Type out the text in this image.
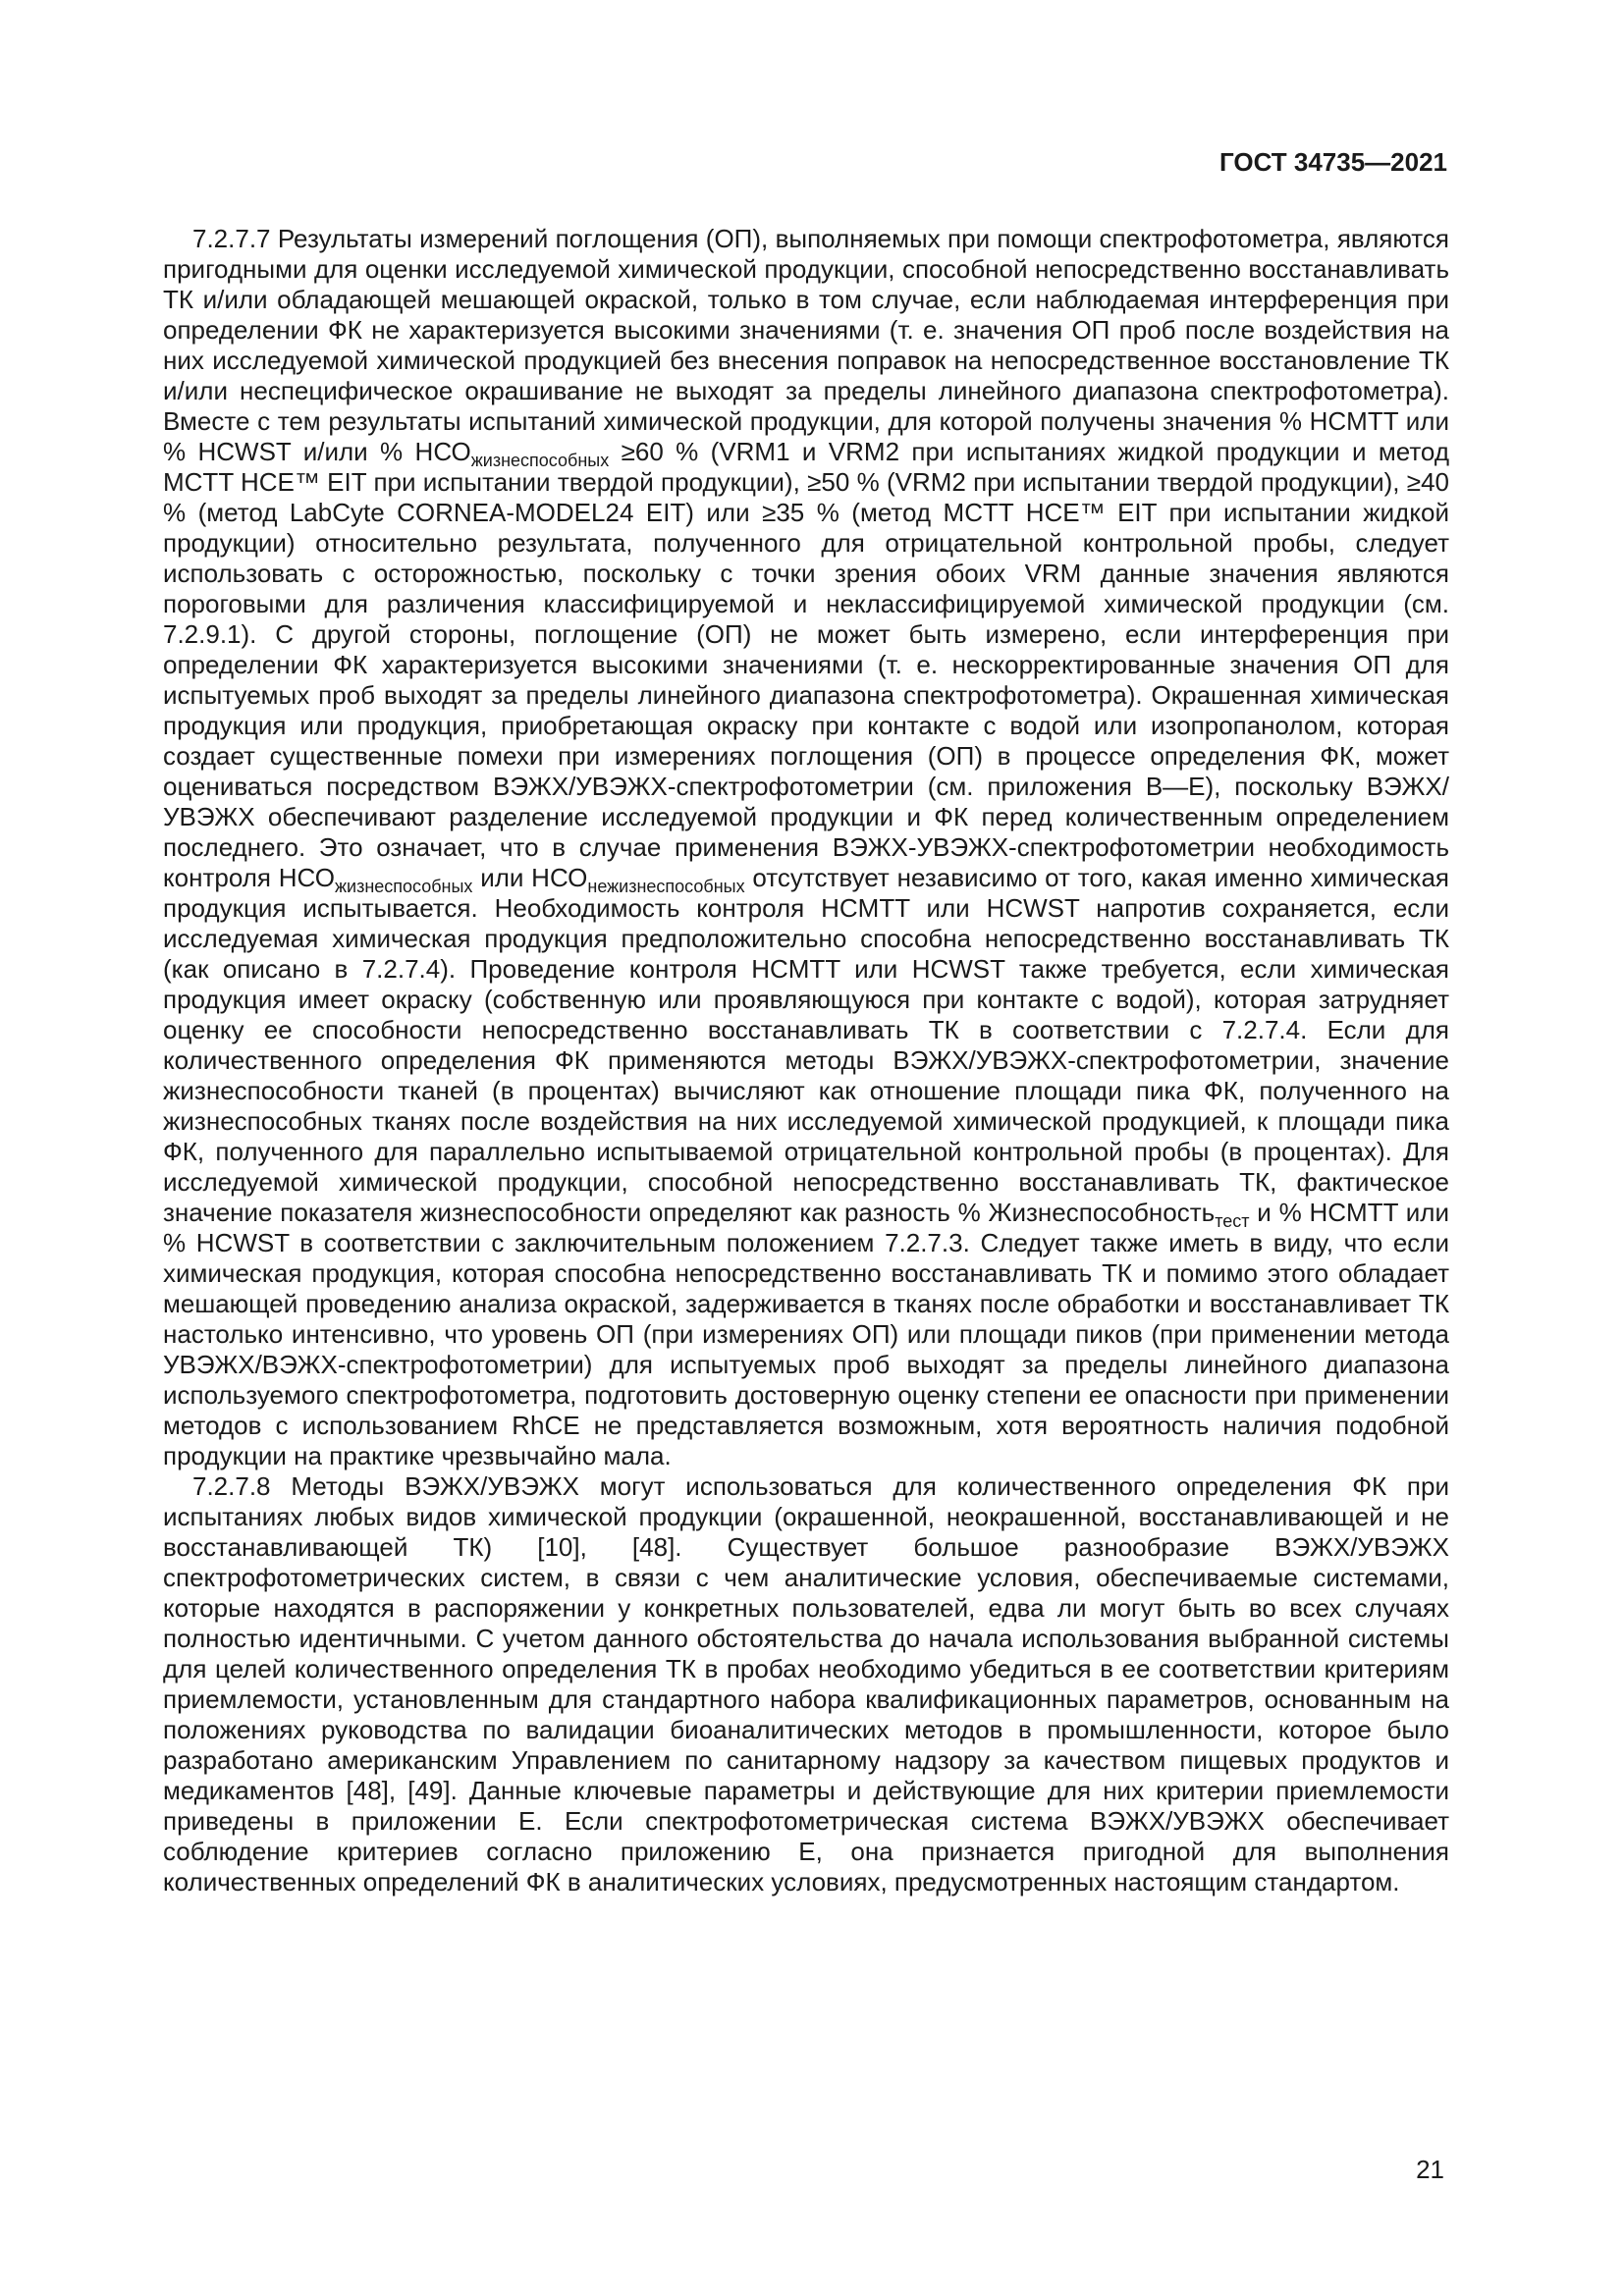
ГОСТ 34735—2021

7.2.7.7 Результаты измерений поглощения (ОП), выполняемых при помощи спектрофотометра, являются пригодными для оценки исследуемой химической продукции, способной непосредственно восстанавливать ТК и/или обладающей мешающей окраской, только в том случае, если наблюдаемая интерференция при определении ФК не характеризуется высокими значениями (т. е. значения ОП проб после воздействия на них исследуемой химической продукцией без внесения поправок на непосредственное восстановление ТК и/или неспецифическое окрашивание не выходят за пределы линейного диапазона спектрофотометра). Вместе с тем результаты испытаний химической продукции, для которой получены значения % HCMTT или % HCWST и/или % $НСО_{жизнеспособных} \ge 60$ % (VRM1 и VRM2 при испытаниях жидкой продукции и метод MCTT HCE™ EIT при испытании твердой продукции), ≥50 % (VRM2 при испытании твердой продукции), ≥40 % (метод LabCyte CORNEA-MODEL24 EIT) или ≥35 % (метод MCTT HCE™ EIT при испытании жидкой продукции) относительно результата, полученного для отрицательной контрольной пробы, следует использовать с осторожностью, поскольку с точки зрения обоих VRM данные значения являются пороговыми для различения классифицируемой и неклассифицируемой химической продукции (см. 7.2.9.1). С другой стороны, поглощение (ОП) не может быть измерено, если интерференция при определении ФК характеризуется высокими значениями (т. е. нескорректированные значения ОП для испытуемых проб выходят за пределы линейного диапазона спектрофотометра). Окрашенная химическая продукция или продукция, приобретающая окраску при контакте с водой или изопропанолом, которая создает существенные помехи при измерениях поглощения (ОП) в процессе определения ФК, может оцениваться посредством ВЭЖХ/УВЭЖХ-спектрофотометрии (см. приложения В—Е), поскольку ВЭЖХ/УВЭЖХ обеспечивают разделение исследуемой продукции и ФК перед количественным определением последнего. Это означает, что в случае применения ВЭЖХ-УВЭЖХ-спектрофотометрии необходимость контроля $НСО_{жизнеспособных}$ или $НСО_{нежизнеспособных}$ отсутствует независимо от того, какая именно химическая продукция испытывается. Необходимость контроля HCMTT или HCWST напротив сохраняется, если исследуемая химическая продукция предположительно способна непосредственно восстанавливать ТК (как описано в 7.2.7.4). Проведение контроля HCMTT или HCWST также требуется, если химическая продукция имеет окраску (собственную или проявляющуюся при контакте с водой), которая затрудняет оценку ее способности непосредственно восстанавливать ТК в соответствии с 7.2.7.4. Если для количественного определения ФК применяются методы ВЭЖХ/УВЭЖХ-спектрофотометрии, значение жизнеспособности тканей (в процентах) вычисляют как отношение площади пика ФК, полученного на жизнеспособных тканях после воздействия на них исследуемой химической продукцией, к площади пика ФК, полученного для параллельно испытываемой отрицательной контрольной пробы (в процентах). Для исследуемой химической продукции, способной непосредственно восстанавливать ТК, фактическое значение показателя жизнеспособности определяют как разность % Жизнеспособность$_{тест}$ и % HCMTT или % HCWST в соответствии с заключительным положением 7.2.7.3. Следует также иметь в виду, что если химическая продукция, которая способна непосредственно восстанавливать ТК и помимо этого обладает мешающей проведению анализа окраской, задерживается в тканях после обработки и восстанавливает ТК настолько интенсивно, что уровень ОП (при измерениях ОП) или площади пиков (при применении метода УВЭЖХ/ВЭЖХ-спектрофотометрии) для испытуемых проб выходят за пределы линейного диапазона используемого спектрофотометра, подготовить достоверную оценку степени ее опасности при применении методов с использованием RhCE не представляется возможным, хотя вероятность наличия подобной продукции на практике чрезвычайно мала.

7.2.7.8 Методы ВЭЖХ/УВЭЖХ могут использоваться для количественного определения ФК при испытаниях любых видов химической продукции (окрашенной, неокрашенной, восстанавливающей и не восстанавливающей ТК) [10], [48]. Существует большое разнообразие ВЭЖХ/УВЭЖХ спектрофотометрических систем, в связи с чем аналитические условия, обеспечиваемые системами, которые находятся в распоряжении у конкретных пользователей, едва ли могут быть во всех случаях полностью идентичными. С учетом данного обстоятельства до начала использования выбранной системы для целей количественного определения ТК в пробах необходимо убедиться в ее соответствии критериям приемлемости, установленным для стандартного набора квалификационных параметров, основанным на положениях руководства по валидации биоаналитических методов в промышленности, которое было разработано американским Управлением по санитарному надзору за качеством пищевых продуктов и медикаментов [48], [49]. Данные ключевые параметры и действующие для них критерии приемлемости приведены в приложении Е. Если спектрофотометрическая система ВЭЖХ/УВЭЖХ обеспечивает соблюдение критериев согласно приложению Е, она признается пригодной для выполнения количественных определений ФК в аналитических условиях, предусмотренных настоящим стандартом.

21
